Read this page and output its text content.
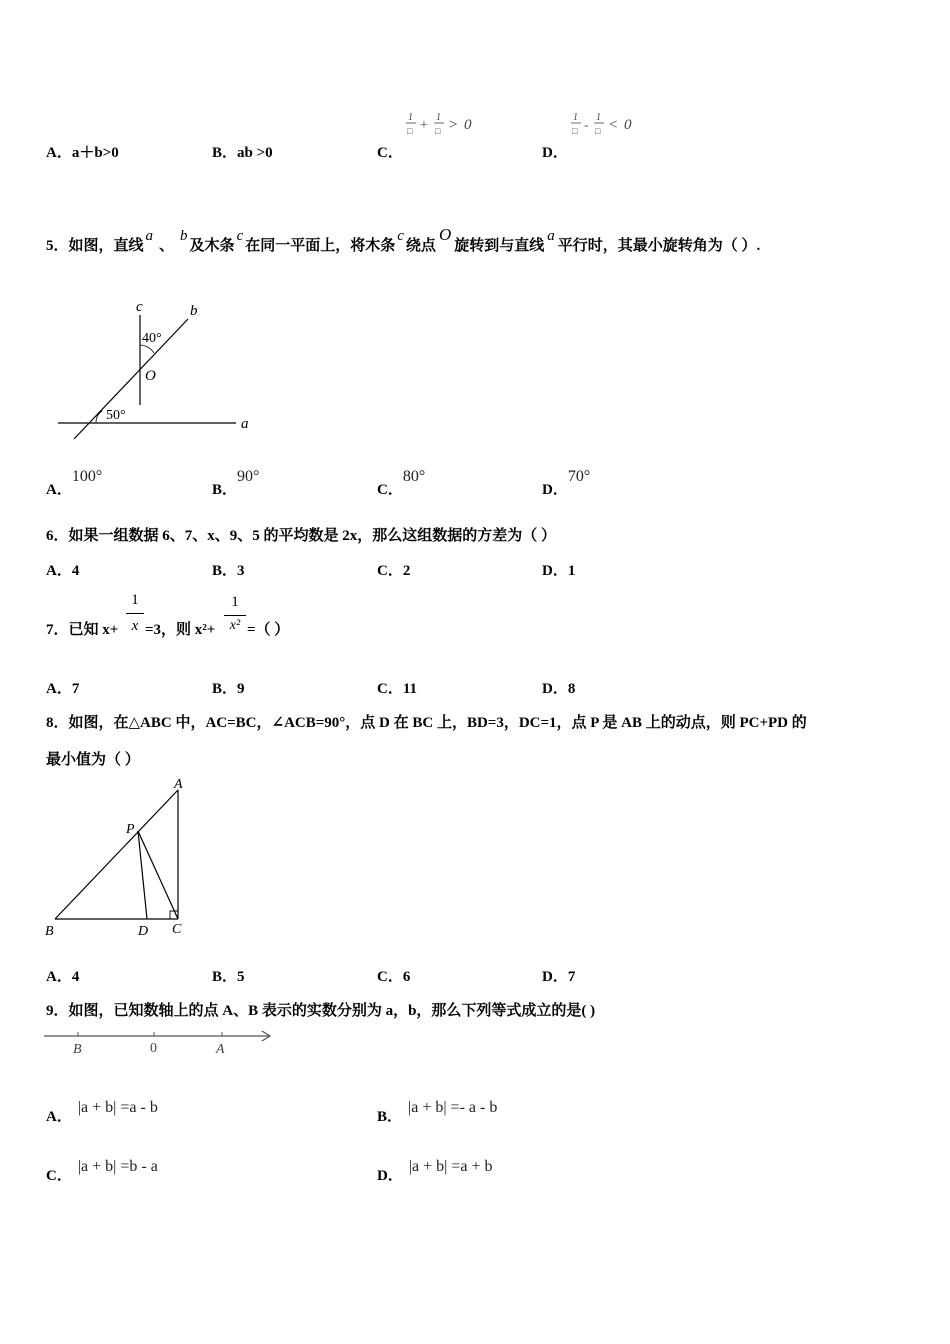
A．a＋b>0	B．ab >0	C．
1
□ +
1
□ > 0
D．
1
□ - 1
□ < 0
5．如图，直线a、b及木条c在同一平面上，将木条c绕点O旋转到与直线a平行时，其最小旋转角为（ ）.
c	b
40°
O
50°
a
A．100°
B．90°
C．80°
D．70°
6．如果一组数据 6、7、x、9、5 的平均数是 2x，那么这组数据的方差为（ ）
A．4	B．3	C．2	D．1
7．已知 x+
1
x =3，则 x²+
1
x² =（ ）
A．7	B．9	C．11	D．8
8．如图，在△ABC 中，AC=BC，∠ACB=90°，点 D 在 BC 上，BD=3，DC=1，点 P 是 AB 上的动点，则 PC+PD 的
最小值为（ ）
A
P
B	D C
A．4	B．5	C．6	D．7
9．如图，已知数轴上的点 A、B 表示的实数分别为 a，b，那么下列等式成立的是( )
B	0	A
A．|a + b| =a - b
B．|a + b| =- a - b
C．|a + b| =b - a
D．|a + b| =a + b
